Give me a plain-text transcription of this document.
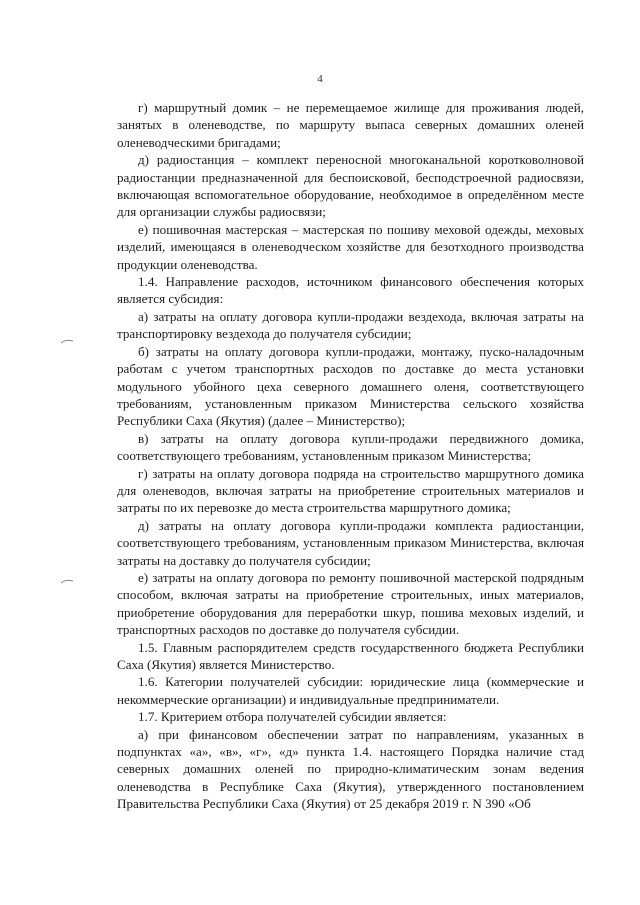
4

г) маршрутный домик – не перемещаемое жилище для проживания людей, занятых в оленеводстве, по маршруту выпаса северных домашних оленей оленеводческими бригадами;

д) радиостанция – комплект переносной многоканальной коротковолновой радиостанции предназначенной для беспоисковой, бесподстроечной радиосвязи, включающая вспомогательное оборудование, необходимое в определённом месте для организации службы радиосвязи;

е) пошивочная мастерская – мастерская по пошиву меховой одежды, меховых изделий, имеющаяся в оленеводческом хозяйстве для безотходного производства продукции оленеводства.

1.4. Направление расходов, источником финансового обеспечения которых является субсидия:

а) затраты на оплату договора купли-продажи вездехода, включая затраты на транспортировку вездехода до получателя субсидии;

б) затраты на оплату договора купли-продажи, монтажу, пуско-наладочным работам с учетом транспортных расходов по доставке до места установки модульного убойного цеха северного домашнего оленя, соответствующего требованиям, установленным приказом Министерства сельского хозяйства Республики Саха (Якутия) (далее – Министерство);

в) затраты на оплату договора купли-продажи передвижного домика, соответствующего требованиям, установленным приказом Министерства;

г) затраты на оплату договора подряда на строительство маршрутного домика для оленеводов, включая затраты на приобретение строительных материалов и затраты по их перевозке до места строительства маршрутного домика;

д) затраты на оплату договора купли-продажи комплекта радиостанции, соответствующего требованиям, установленным приказом Министерства, включая затраты на доставку до получателя субсидии;

е) затраты на оплату договора по ремонту пошивочной мастерской подрядным способом, включая затраты на приобретение строительных, иных материалов, приобретение оборудования для переработки шкур, пошива меховых изделий, и транспортных расходов по доставке до получателя субсидии.

1.5. Главным распорядителем средств государственного бюджета Республики Саха (Якутия) является Министерство.

1.6. Категории получателей субсидии: юридические лица (коммерческие и некоммерческие организации) и индивидуальные предприниматели.

1.7. Критерием отбора получателей субсидии является:

а) при финансовом обеспечении затрат по направлениям, указанных в подпунктах «а», «в», «г», «д» пункта 1.4. настоящего Порядка наличие стад северных домашних оленей по природно-климатическим зонам ведения оленеводства в Республике Саха (Якутия), утвержденного постановлением Правительства Республики Саха (Якутия) от 25 декабря 2019 г. N 390 «Об
